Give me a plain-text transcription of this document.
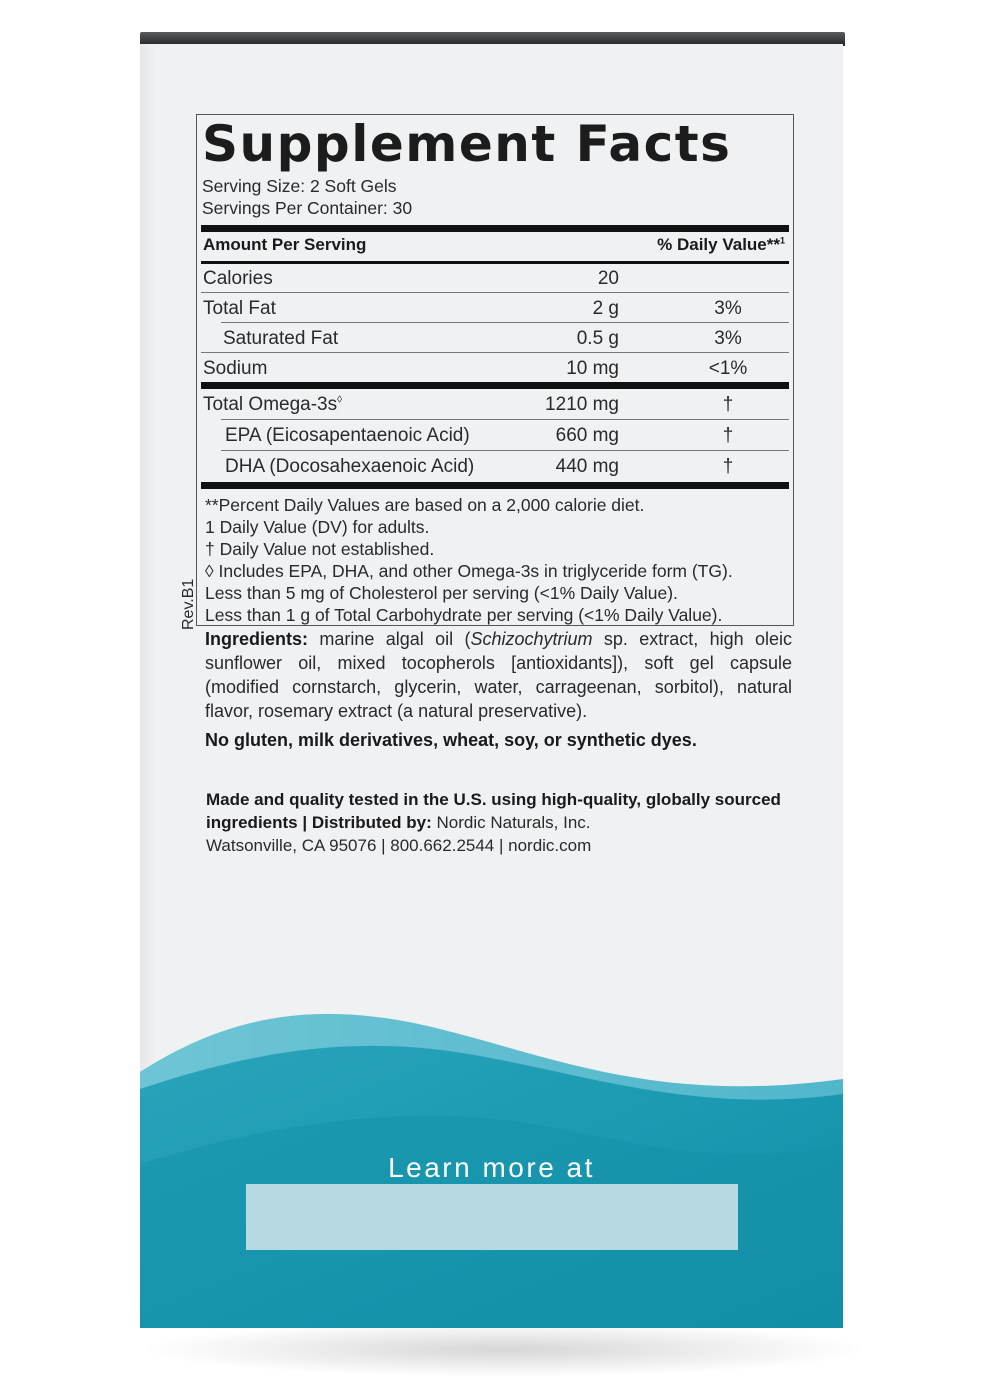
Learn more at
Supplement Facts
Serving Size: 2 Soft Gels
Servings Per Container: 30
Amount Per Serving	% Daily Value**$^1$
Calories	20
Total Fat	2 g	3%
Saturated Fat	0.5 g	3%
Sodium	10 mg	<1%
Total Omega-3s◊	1210 mg	†
EPA (Eicosapentaenoic Acid)	660 mg	†
DHA (Docosahexaenoic Acid)	440 mg	†
**Percent Daily Values are based on a 2,000 calorie diet.
1 Daily Value (DV) for adults.
† Daily Value not established.
◊ Includes EPA, DHA, and other Omega-3s in triglyceride form (TG).
Less than 5 mg of Cholesterol per serving (<1% Daily Value).
Less than 1 g of Total Carbohydrate per serving (<1% Daily Value).
Rev.B1
Ingredients: marine algal oil (Schizochytrium sp. extract, high oleic sunflower oil, mixed tocopherols [antioxidants]), soft gel capsule (modified cornstarch, glycerin, water, carrageenan, sorbitol), natural flavor, rosemary extract (a natural preservative).
No gluten, milk derivatives, wheat, soy, or synthetic dyes.
Made and quality tested in the U.S. using high-quality, globally sourced ingredients | Distributed by: Nordic Naturals, Inc.
Watsonville, CA 95076 | 800.662.2544 | nordic.com
